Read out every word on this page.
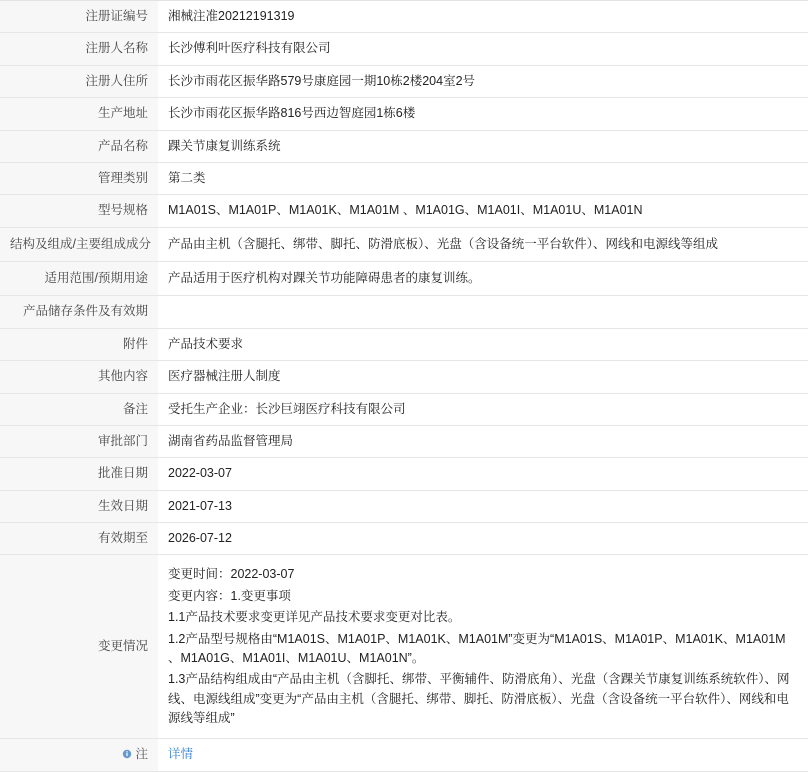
注册证编号	湘械注准20212191319
注册人名称	长沙傅利叶医疗科技有限公司
注册人住所	长沙市雨花区振华路579号康庭园一期10栋2楼204室2号
生产地址	长沙市雨花区振华路816号西边智庭园1栋6楼
产品名称	踝关节康复训练系统
管理类别	第二类
型号规格	M1A01S、M1A01P、M1A01K、M1A01M 、M1A01G、M1A01I、M1A01U、M1A01N
结构及组成/主要组成成分	产品由主机（含腿托、绑带、脚托、防滑底板）、光盘（含设备统一平台软件）、网线和电源线等组成
适用范围/预期用途	产品适用于医疗机构对踝关节功能障碍患者的康复训练。
产品储存条件及有效期	
附件	产品技术要求
其他内容	医疗器械注册人制度
备注	受托生产企业：长沙巨翊医疗科技有限公司
审批部门	湖南省药品监督管理局
批准日期	2022-03-07
生效日期	2021-07-13
有效期至	2026-07-12
变更情况	变更时间：2022-03-07

变更内容：1.变更事项

1.1产品技术要求变更详见产品技术要求变更对比表。

1.2产品型号规格由“M1A01S、M1A01P、M1A01K、M1A01M”变更为“M1A01S、M1A01P、M1A01K、M1A01M 、M1A01G、M1A01I、M1A01U、M1A01N”。

1.3产品结构组成由“产品由主机（含脚托、绑带、平衡辅件、防滑底角）、光盘（含踝关节康复训练系统软件）、网线、电源线组成”变更为“产品由主机（含腿托、绑带、脚托、防滑底板）、光盘（含设备统一平台软件）、网线和电源线等组成”

注	详情
